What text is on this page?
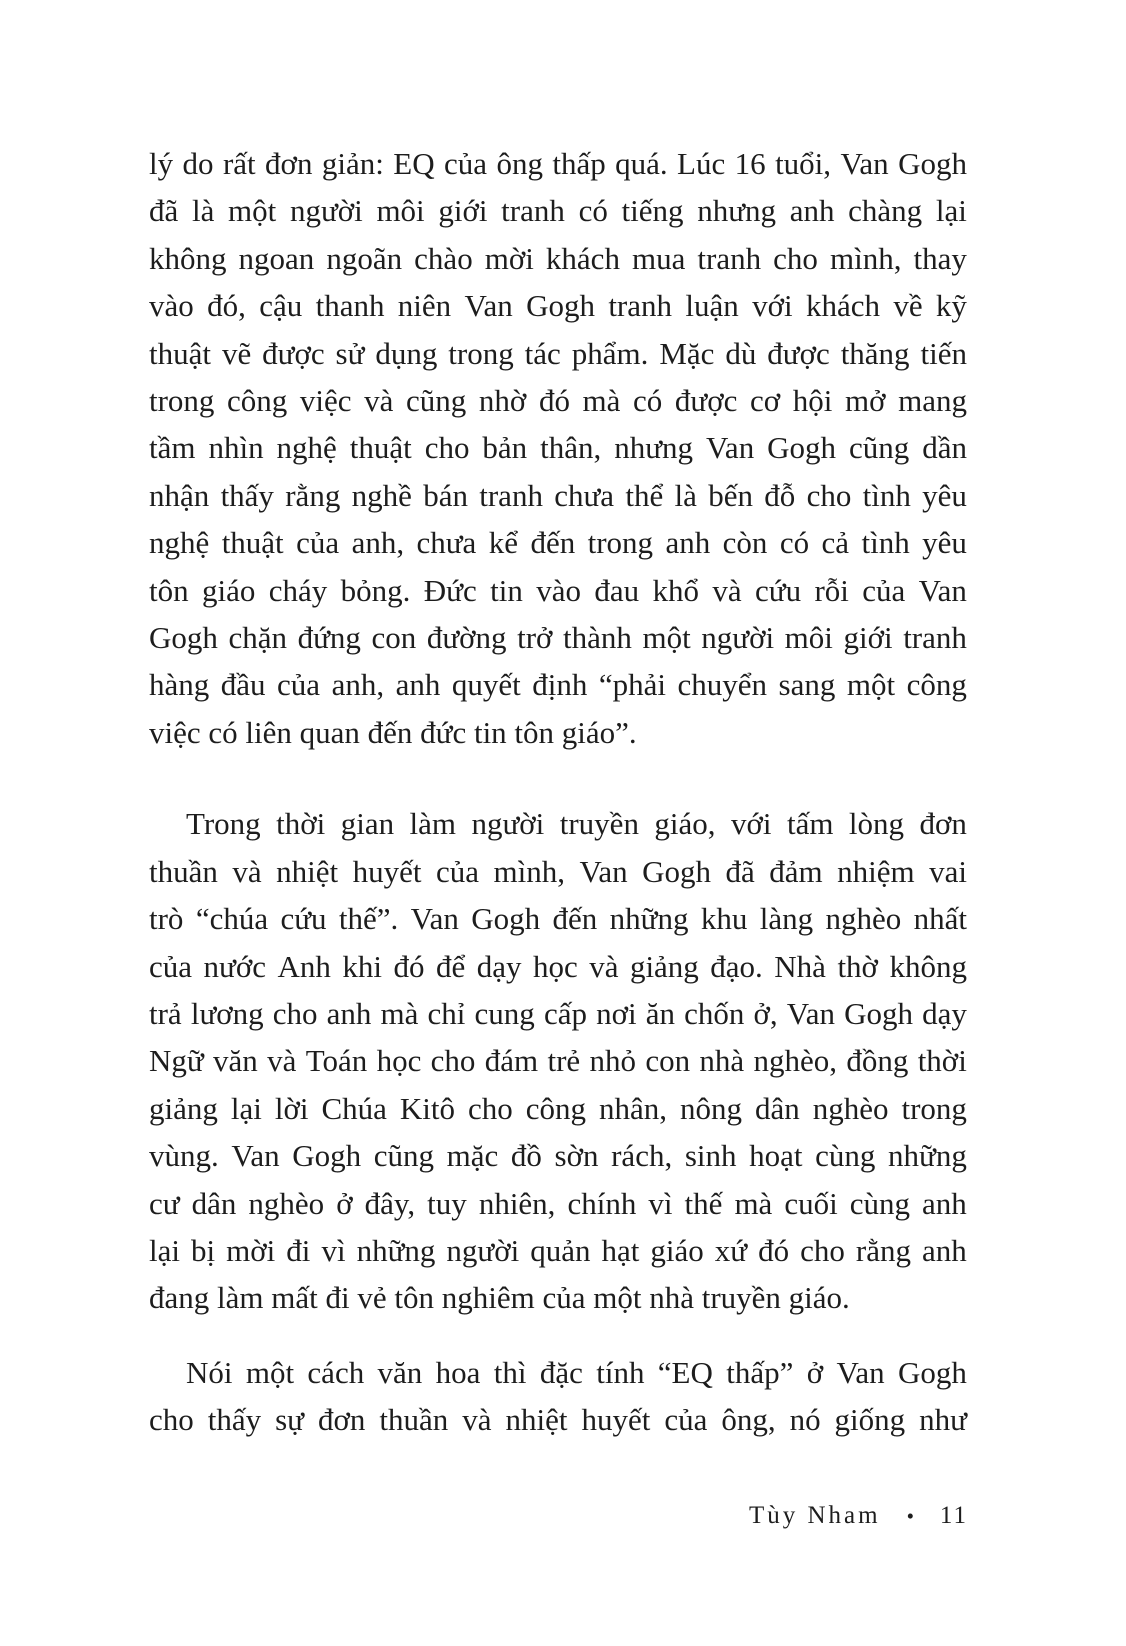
lý do rất đơn giản: EQ của ông thấp quá. Lúc 16 tuổi, Van Gogh
đã là một người môi giới tranh có tiếng nhưng anh chàng lại
không ngoan ngoãn chào mời khách mua tranh cho mình, thay
vào đó, cậu thanh niên Van Gogh tranh luận với khách về kỹ
thuật vẽ được sử dụng trong tác phẩm. Mặc dù được thăng tiến
trong công việc và cũng nhờ đó mà có được cơ hội mở mang
tầm nhìn nghệ thuật cho bản thân, nhưng Van Gogh cũng dần
nhận thấy rằng nghề bán tranh chưa thể là bến đỗ cho tình yêu
nghệ thuật của anh, chưa kể đến trong anh còn có cả tình yêu
tôn giáo cháy bỏng. Đức tin vào đau khổ và cứu rỗi của Van
Gogh chặn đứng con đường trở thành một người môi giới tranh
hàng đầu của anh, anh quyết định “phải chuyển sang một công
việc có liên quan đến đức tin tôn giáo”.
Trong thời gian làm người truyền giáo, với tấm lòng đơn
thuần và nhiệt huyết của mình, Van Gogh đã đảm nhiệm vai
trò “chúa cứu thế”. Van Gogh đến những khu làng nghèo nhất
của nước Anh khi đó để dạy học và giảng đạo. Nhà thờ không
trả lương cho anh mà chỉ cung cấp nơi ăn chốn ở, Van Gogh dạy
Ngữ văn và Toán học cho đám trẻ nhỏ con nhà nghèo, đồng thời
giảng lại lời Chúa Kitô cho công nhân, nông dân nghèo trong
vùng. Van Gogh cũng mặc đồ sờn rách, sinh hoạt cùng những
cư dân nghèo ở đây, tuy nhiên, chính vì thế mà cuối cùng anh
lại bị mời đi vì những người quản hạt giáo xứ đó cho rằng anh
đang làm mất đi vẻ tôn nghiêm của một nhà truyền giáo.
Nói một cách văn hoa thì đặc tính “EQ thấp” ở Van Gogh
cho thấy sự đơn thuần và nhiệt huyết của ông, nó giống như
Tùy Nham • 11
